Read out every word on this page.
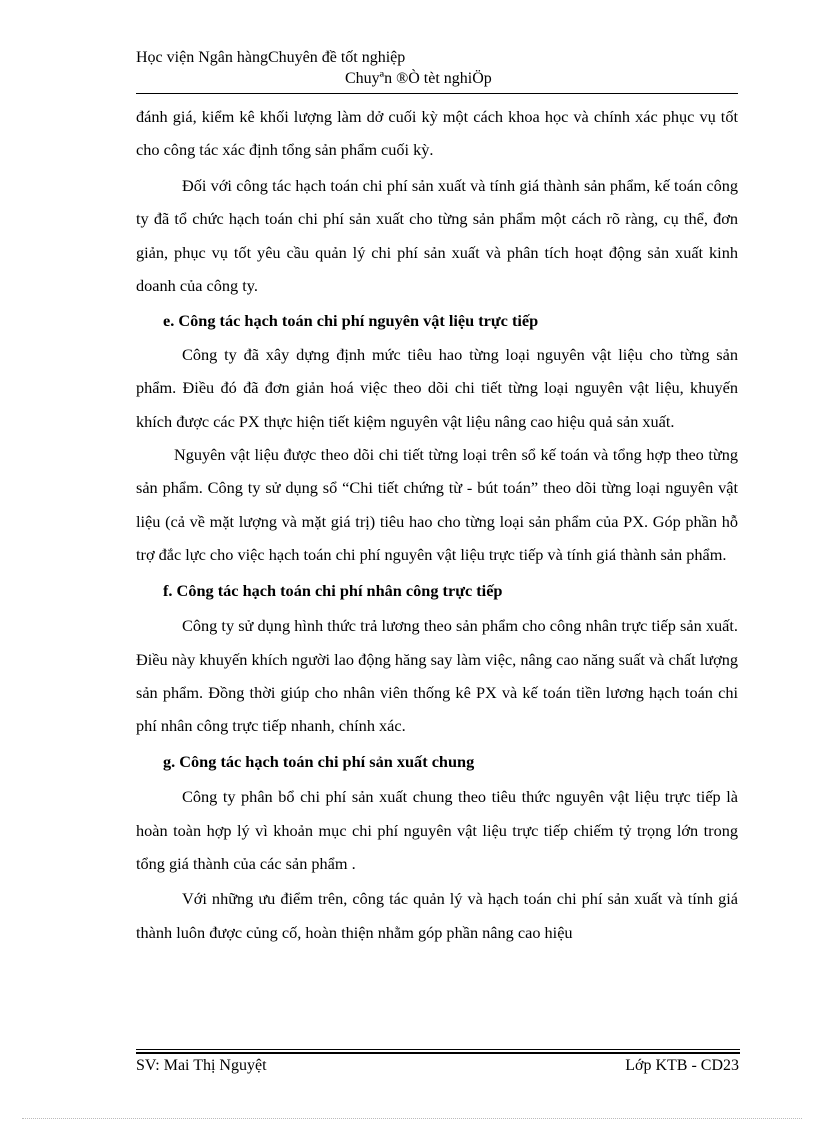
Học viện Ngân hàngChuyên đề tốt nghiệp
Chuyªn ®Ò tèt nghiÖp

đánh giá, kiểm kê khối lượng làm dở cuối kỳ một cách khoa học và chính xác phục vụ tốt cho công tác xác định tổng sản phẩm cuối kỳ.

Đối với công tác hạch toán chi phí sản xuất và tính giá thành sản phẩm, kế toán công ty đã tổ chức hạch toán chi phí sản xuất cho từng sản phẩm một cách rõ ràng, cụ thể, đơn giản, phục vụ tốt yêu cầu quản lý chi phí sản xuất và phân tích hoạt động sản xuất kinh doanh của công ty.

e. Công tác hạch toán chi phí nguyên vật liệu trực tiếp

Công ty đã xây dựng định mức tiêu hao từng loại nguyên vật liệu cho từng sản phẩm. Điều đó đã đơn giản hoá việc theo dõi chi tiết từng loại nguyên vật liệu, khuyến khích được các PX thực hiện tiết kiệm nguyên vật liệu nâng cao hiệu quả sản xuất.

Nguyên vật liệu được theo dõi chi tiết từng loại trên sổ kế toán và tổng hợp theo từng sản phẩm. Công ty sử dụng sổ “Chi tiết chứng từ - bút toán” theo dõi từng loại nguyên vật liệu (cả về mặt lượng và mặt giá trị) tiêu hao cho từng loại sản phẩm của PX. Góp phần hỗ trợ đắc lực cho việc hạch toán chi phí nguyên vật liệu trực tiếp và tính giá thành sản phẩm.

f. Công tác hạch toán chi phí nhân công trực tiếp

Công ty sử dụng hình thức trả lương theo sản phẩm cho công nhân trực tiếp sản xuất. Điều này khuyến khích người lao động hăng say làm việc, nâng cao năng suất và chất lượng sản phẩm. Đồng thời giúp cho nhân viên thống kê PX và kế toán tiền lương hạch toán chi phí nhân công trực tiếp nhanh, chính xác.

g. Công tác hạch toán chi phí sản xuất chung

Công ty phân bổ chi phí sản xuất chung theo tiêu thức nguyên vật liệu trực tiếp là hoàn toàn hợp lý vì khoản mục chi phí nguyên vật liệu trực tiếp chiếm tỷ trọng lớn trong tổng giá thành của các sản phẩm .

Với những ưu điểm trên, công tác quản lý và hạch toán chi phí sản xuất và tính giá thành luôn được củng cố, hoàn thiện nhằm góp phần nâng cao hiệu

SV: Mai Thị Nguyệt	Lớp KTB - CD23
